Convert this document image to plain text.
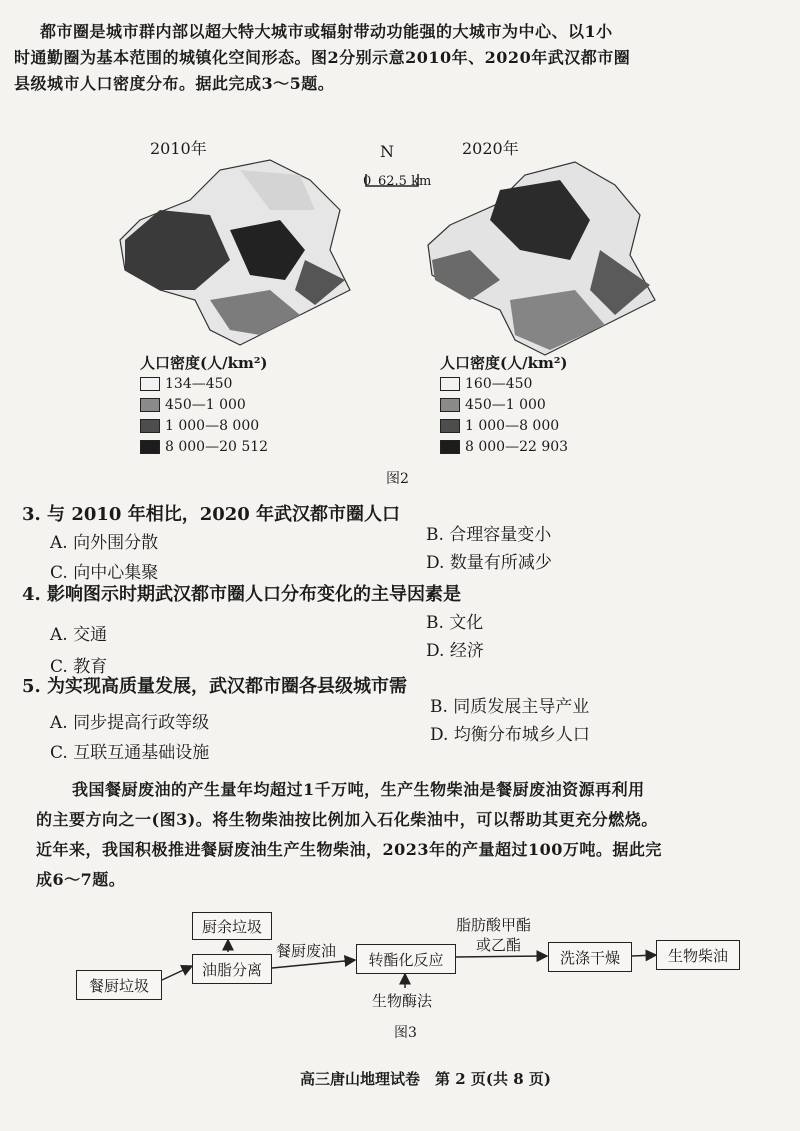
都市圈是城市群内部以超大特大城市或辐射带动功能强的大城市为中心、以1小
时通勤圈为基本范围的城镇化空间形态。图2分别示意2010年、2020年武汉都市圈
县级城市人口密度分布。据此完成3～5题。
2010年	2020年
N
0 62.5 km
人口密度(人/km²)
134—450
450—1 000
1 000—8 000
8 000—20 512
人口密度(人/km²)
160—450
450—1 000
1 000—8 000
8 000—22 903
图2
3. 与 2010 年相比，2020 年武汉都市圈人口
A. 向外围分散	B. 合理容量变小
C. 向中心集聚	D. 数量有所减少
4. 影响图示时期武汉都市圈人口分布变化的主导因素是
A. 交通
B. 文化
C. 教育
D. 经济
5. 为实现高质量发展，武汉都市圈各县级城市需
A. 同步提高行政等级
B. 同质发展主导产业
C. 互联互通基础设施
D. 均衡分布城乡人口
我国餐厨废油的产生量年均超过1千万吨，生产生物柴油是餐厨废油资源再利用
的主要方向之一(图3)。将生物柴油按比例加入石化柴油中，可以帮助其更充分燃烧。
近年来，我国积极推进餐厨废油生产生物柴油，2023年的产量超过100万吨。据此完
成6～7题。
餐厨垃圾
油脂分离
厨余垃圾
餐厨废油	转酯化反应
脂肪酸甲酯
或乙酯
洗涤干燥	生物柴油
生物酶法
图3
高三唐山地理试卷　第 2 页(共 8 页)
